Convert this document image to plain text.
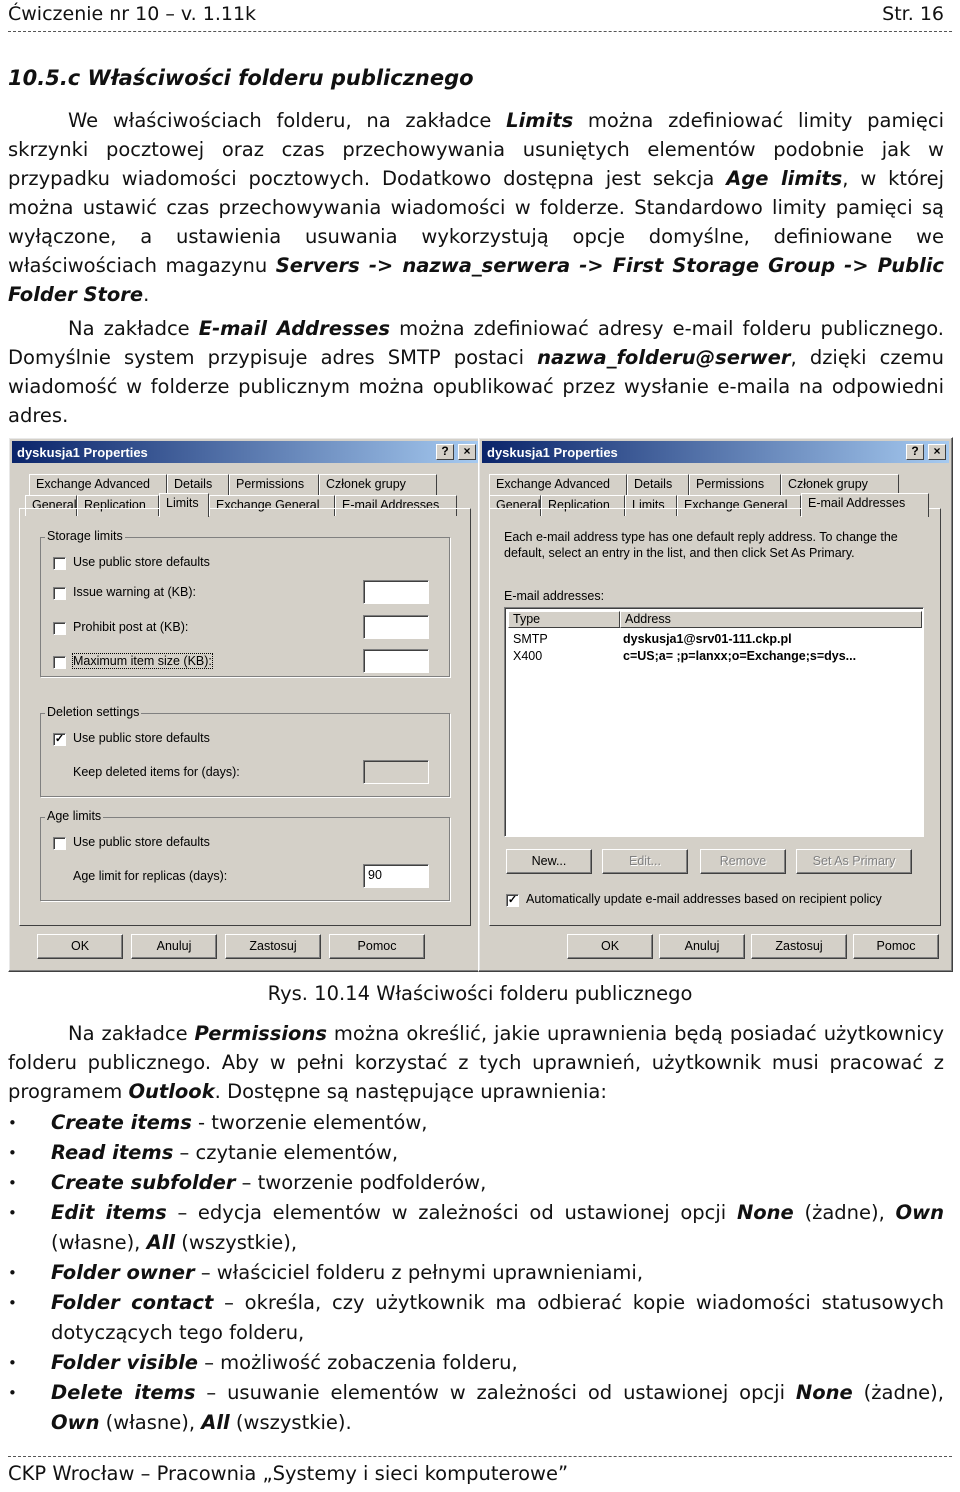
Ćwiczenie nr 10 – v. 1.11k	Str. 16
10.5.c Właściwości folderu publicznego

We właściwościach folderu, na zakładce Limits można zdefiniować limity pamięci skrzynki pocztowej oraz czas przechowywania usuniętych elementów podobnie jak w przypadku wiadomości pocztowych. Dodatkowo dostępna jest sekcja Age limits, w której można ustawić czas przechowywania wiadomości w folderze. Standardowo limity pamięci są wyłączone, a ustawienia usuwania wykorzystują opcje domyślne, definiowane we właściwościach magazynu Servers -> nazwa_serwera -> First Storage Group -> Public Folder Store.

Na zakładce E-mail Addresses można zdefiniować adresy e-mail folderu publicznego. Domyślnie system przypisuje adres SMTP postaci nazwa_folderu@serwer, dzięki czemu wiadomość w folderze publicznym można opublikować przez wysłanie e-maila na odpowiedni adres.

dyskusja1 Properties	?	×
Exchange Advanced	Details	Permissions	Członek grupy
General Replication	Limits	Exchange General	E-mail Addresses
Storage limits
Use public store defaults
Issue warning at (KB):
Prohibit post at (KB):
Maximum item size (KB):
Deletion settings
✓ Use public store defaults
Keep deleted items for (days):
Age limits
Use public store defaults
Age limit for replicas (days):	90
OK	Anuluj	Zastosuj	Pomoc
dyskusja1 Properties	?	×
Exchange Advanced	Details	Permissions	Członek grupy
General Replication	Limits	Exchange General	E-mail Addresses
Each e-mail address type has one default reply address. To change the default, select an entry in the list, and then click Set As Primary.
E-mail addresses:
Type	Address
SMTP	dyskusja1@srv01-111.ckp.pl
X400	c=US;a= ;p=lanxx;o=Exchange;s=dys...
New...	Edit...	Remove	Set As Primary
✓ Automatically update e-mail addresses based on recipient policy
OK	Anuluj	Zastosuj	Pomoc
Rys. 10.14 Właściwości folderu publicznego

Na zakładce Permissions można określić, jakie uprawnienia będą posiadać użytkownicy folderu publicznego. Aby w pełni korzystać z tych uprawnień, użytkownik musi pracować z programem Outlook. Dostępne są następujące uprawnienia:

• Create items - tworzenie elementów,
• Read items – czytanie elementów,
• Create subfolder – tworzenie podfolderów,
• Edit items – edycja elementów w zależności od ustawionej opcji None (żadne), Own (własne), All (wszystkie),
• Folder owner – właściciel folderu z pełnymi uprawnieniami,
• Folder contact – określa, czy użytkownik ma odbierać kopie wiadomości statusowych dotyczących tego folderu,
• Folder visible – możliwość zobaczenia folderu,
• Delete items – usuwanie elementów w zależności od ustawionej opcji None (żadne), Own (własne), All (wszystkie).
CKP Wrocław – Pracownia „Systemy i sieci komputerowe”
